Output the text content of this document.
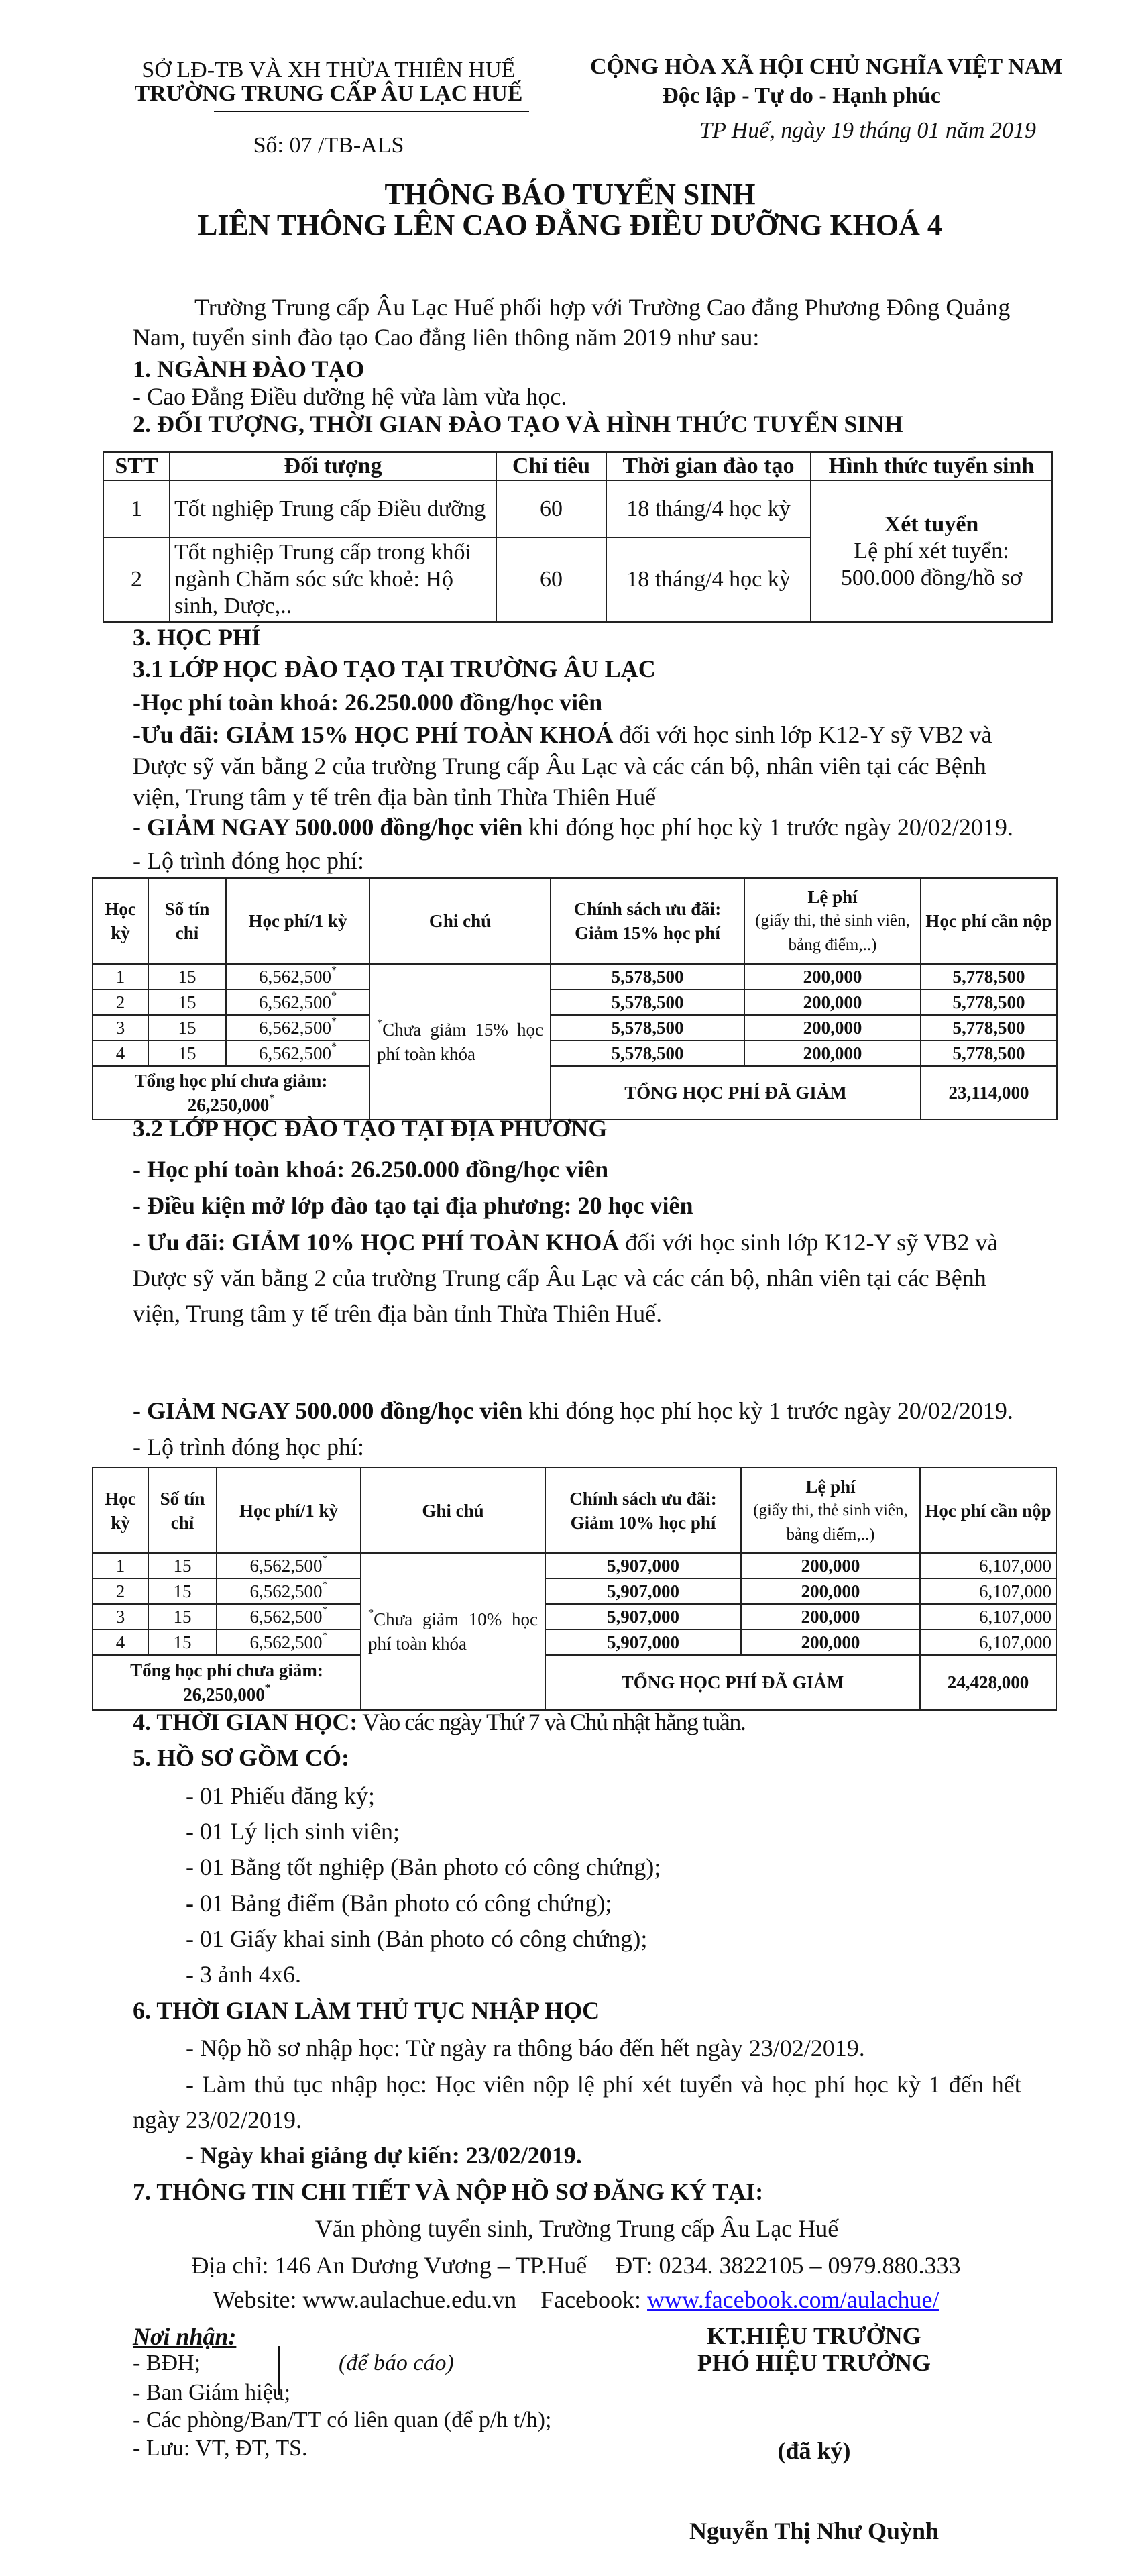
SỞ LĐ-TB VÀ XH THỪA THIÊN HUẾ
TRƯỜNG TRUNG CẤP ÂU LẠC HUẾ
Số: 07 /TB-ALS
CỘNG HÒA XÃ HỘI CHỦ NGHĨA VIỆT NAM
Độc lập - Tự do - Hạnh phúc
TP Huế, ngày 19 tháng 01 năm 2019
THÔNG BÁO TUYỂN SINH
LIÊN THÔNG LÊN CAO ĐẲNG ĐIỀU DƯỠNG KHOÁ 4
Trường Trung cấp Âu Lạc Huế phối hợp với Trường Cao đẳng Phương Đông Quảng
Nam, tuyển sinh đào tạo Cao đẳng liên thông năm 2019 như sau:
1. NGÀNH ĐÀO TẠO
- Cao Đẳng Điều dưỡng hệ vừa làm vừa học.
2. ĐỐI TƯỢNG, THỜI GIAN ĐÀO TẠO VÀ HÌNH THỨC TUYỂN SINH
STT	Đối tượng	Chỉ tiêu	Thời gian đào tạo	Hình thức tuyển sinh
1	Tốt nghiệp Trung cấp Điều dưỡng	60	18 tháng/4 học kỳ	Xét tuyển
Lệ phí xét tuyển:
500.000 đồng/hồ sơ

2	Tốt nghiệp Trung cấp trong khối ngành Chăm sóc sức khoẻ: Hộ sinh, Dược,..	60	18 tháng/4 học kỳ	
3. HỌC PHÍ
3.1 LỚP HỌC ĐÀO TẠO TẠI TRƯỜNG ÂU LẠC
-Học phí toàn khoá: 26.250.000 đồng/học viên
-Ưu đãi: GIẢM 15% HỌC PHÍ TOÀN KHOÁ đối với học sinh lớp K12-Y sỹ VB2 và
Dược sỹ văn bằng 2 của trường Trung cấp Âu Lạc và các cán bộ, nhân viên tại các Bệnh
viện, Trung tâm y tế trên địa bàn tỉnh Thừa Thiên Huế
- GIẢM NGAY 500.000 đồng/học viên khi đóng học phí học kỳ 1 trước ngày 20/02/2019.
- Lộ trình đóng học phí:
Học kỳ	Số tín chỉ	Học phí/1 kỳ	Ghi chú	Chính sách ưu đãi: Giảm 15% học phí	Lệ phí
(giấy thi, thẻ sinh viên, bảng điểm,..)	Học phí cần nộp
1	15	6,562,500*	*Chưa giảm 15% học phí toàn khóa	5,578,500	200,000	5,778,500
2	15	6,562,500*		5,578,500	200,000	5,778,500
3	15	6,562,500*		5,578,500	200,000	5,778,500
4	15	6,562,500*		5,578,500	200,000	5,778,500

Tổng học phí chưa giảm:
26,250,000*				TỔNG HỌC PHÍ ĐÃ GIẢM		23,114,000
3.2 LỚP HỌC ĐÀO TẠO TẠI ĐỊA PHƯƠNG
- Học phí toàn khoá: 26.250.000 đồng/học viên
- Điều kiện mở lớp đào tạo tại địa phương: 20 học viên
- Ưu đãi: GIẢM 10% HỌC PHÍ TOÀN KHOÁ đối với học sinh lớp K12-Y sỹ VB2 và
Dược sỹ văn bằng 2 của trường Trung cấp Âu Lạc và các cán bộ, nhân viên tại các Bệnh
viện, Trung tâm y tế trên địa bàn tỉnh Thừa Thiên Huế.
- GIẢM NGAY 500.000 đồng/học viên khi đóng học phí học kỳ 1 trước ngày 20/02/2019.
- Lộ trình đóng học phí:
Học kỳ	Số tín chỉ	Học phí/1 kỳ	Ghi chú	Chính sách ưu đãi: Giảm 10% học phí	Lệ phí
(giấy thi, thẻ sinh viên, bảng điểm,..)	Học phí cần nộp
1	15	6,562,500*	*Chưa giảm 10% học phí toàn khóa	5,907,000	200,000	6,107,000
2	15	6,562,500*		5,907,000	200,000	6,107,000
3	15	6,562,500*		5,907,000	200,000	6,107,000
4	15	6,562,500*		5,907,000	200,000	6,107,000

Tổng học phí chưa giảm:
26,250,000*				TỔNG HỌC PHÍ ĐÃ GIẢM		24,428,000
4. THỜI GIAN HỌC: Vào các ngày Thứ 7 và Chủ nhật hằng tuần.
5. HỒ SƠ GỒM CÓ:
- 01 Phiếu đăng ký;
- 01 Lý lịch sinh viên;
- 01 Bằng tốt nghiệp (Bản photo có công chứng);
- 01 Bảng điểm (Bản photo có công chứng);
- 01 Giấy khai sinh (Bản photo có công chứng);
- 3 ảnh 4x6.
6. THỜI GIAN LÀM THỦ TỤC NHẬP HỌC
- Nộp hồ sơ nhập học: Từ ngày ra thông báo đến hết ngày 23/02/2019.
- Làm thủ tục nhập học: Học viên nộp lệ phí xét tuyển và học phí học kỳ 1 đến hết
ngày 23/02/2019.
- Ngày khai giảng dự kiến: 23/02/2019.
7. THÔNG TIN CHI TIẾT VÀ NỘP HỒ SƠ ĐĂNG KÝ TẠI:
Văn phòng tuyển sinh, Trường Trung cấp Âu Lạc Huế
Địa chỉ: 146 An Dương Vương – TP.Huế ĐT: 0234. 3822105 – 0979.880.333
Website: www.aulachue.edu.vn Facebook: www.facebook.com/aulachue/
Nơi nhận:
- BĐH;	(để báo cáo)
- Ban Giám hiệu;
- Các phòng/Ban/TT có liên quan (để p/h t/h);
- Lưu: VT, ĐT, TS.
KT.HIỆU TRƯỞNG
PHÓ HIỆU TRƯỞNG
(đã ký)
Nguyễn Thị Như Quỳnh
